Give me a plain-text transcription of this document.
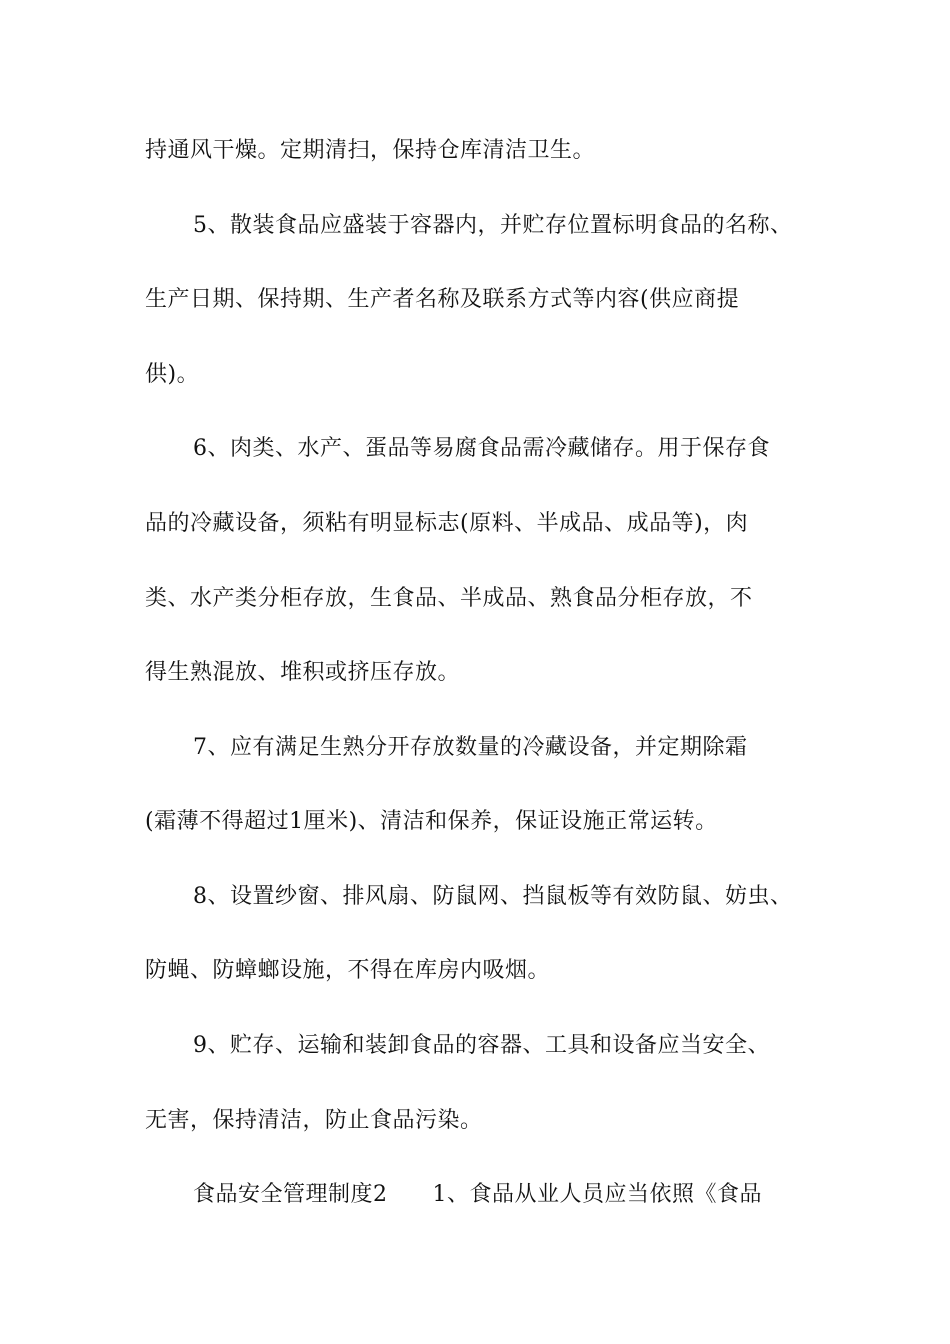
持通风干燥。定期清扫，保持仓库清洁卫生。
5、散装食品应盛装于容器内，并贮存位置标明食品的名称、
生产日期、保持期、生产者名称及联系方式等内容(供应商提
供)。
6、肉类、水产、蛋品等易腐食品需冷藏储存。用于保存食
品的冷藏设备，须粘有明显标志(原料、半成品、成品等)，肉
类、水产类分柜存放，生食品、半成品、熟食品分柜存放，不
得生熟混放、堆积或挤压存放。
7、应有满足生熟分开存放数量的冷藏设备，并定期除霜
(霜薄不得超过1厘米)、清洁和保养，保证设施正常运转。
8、设置纱窗、排风扇、防鼠网、挡鼠板等有效防鼠、妨虫、
防蝇、防蟑螂设施，不得在库房内吸烟。
9、贮存、运输和装卸食品的容器、工具和设备应当安全、
无害，保持清洁，防止食品污染。
食品安全管理制度2　　1、食品从业人员应当依照《食品
